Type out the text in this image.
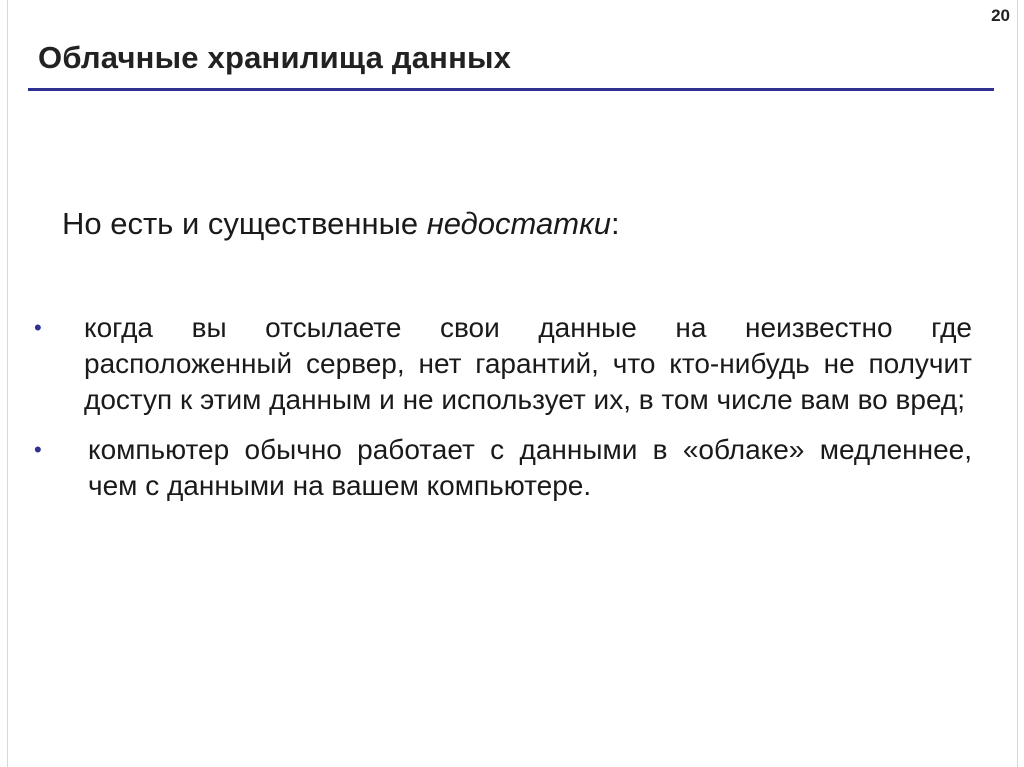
20
Облачные хранилища данных

Но есть и существенные недостатки:

• когда вы отсылаете свои данные на неизвестно где расположенный сервер, нет гарантий, что кто-нибудь не получит доступ к этим данным и не использует их, в том числе вам во вред;
• компьютер обычно работает с данными в «облаке» медленнее, чем с данными на вашем компьютере.
